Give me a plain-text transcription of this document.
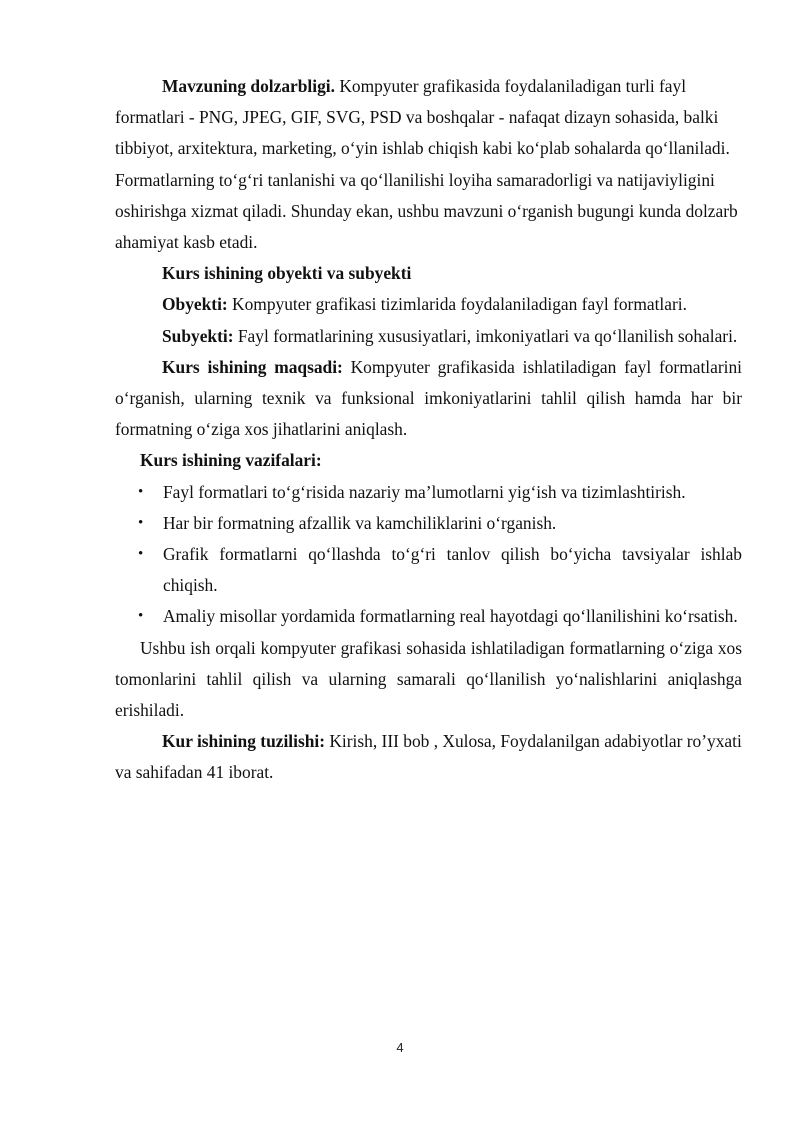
Mavzuning dolzarbligi. Kompyuter grafikasida foydalaniladigan turli fayl formatlari - PNG, JPEG, GIF, SVG, PSD va boshqalar - nafaqat dizayn sohasida, balki tibbiyot, arxitektura, marketing, o‘yin ishlab chiqish kabi ko‘plab sohalarda qo‘llaniladi. Formatlarning to‘g‘ri tanlanishi va qo‘llanilishi loyiha samaradorligi va natijaviyligini oshirishga xizmat qiladi. Shunday ekan, ushbu mavzuni o‘rganish bugungi kunda dolzarb ahamiyat kasb etadi.

Kurs ishining obyekti va subyekti

Obyekti: Kompyuter grafikasi tizimlarida foydalaniladigan fayl formatlari.

Subyekti: Fayl formatlarining xususiyatlari, imkoniyatlari va qo‘llanilish sohalari.

Kurs ishining maqsadi: Kompyuter grafikasida ishlatiladigan fayl formatlarini o‘rganish, ularning texnik va funksional imkoniyatlarini tahlil qilish hamda har bir formatning o‘ziga xos jihatlarini aniqlash.

Kurs ishining vazifalari:

• Fayl formatlari to‘g‘risida nazariy ma’lumotlarni yig‘ish va tizimlashtirish.
• Har bir formatning afzallik va kamchiliklarini o‘rganish.
• Grafik formatlarni qo‘llashda to‘g‘ri tanlov qilish bo‘yicha tavsiyalar ishlab chiqish.
• Amaliy misollar yordamida formatlarning real hayotdagi qo‘llanilishini ko‘rsatish.

Ushbu ish orqali kompyuter grafikasi sohasida ishlatiladigan formatlarning o‘ziga xos tomonlarini tahlil qilish va ularning samarali qo‘llanilish yo‘nalishlarini aniqlashga erishiladi.

Kur ishining tuzilishi: Kirish, III bob , Xulosa, Foydalanilgan adabiyotlar ro’yxati va sahifadan 41 iborat.

4
